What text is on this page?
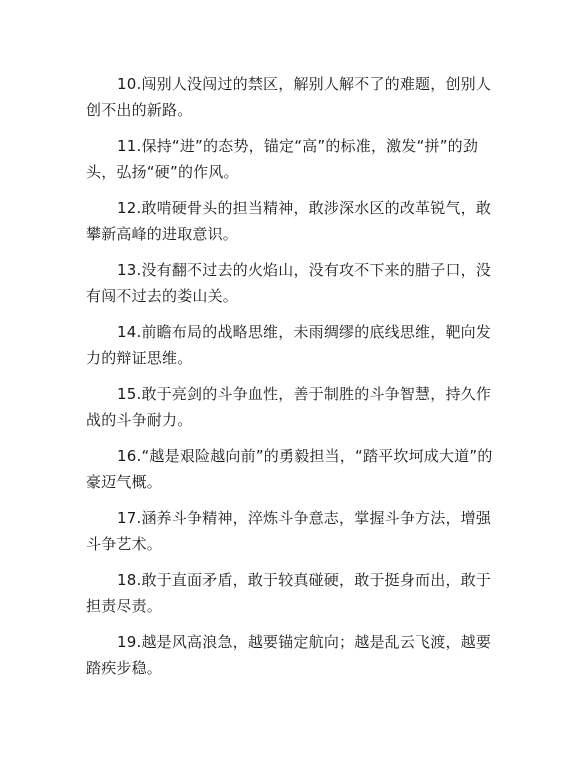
10.闯别人没闯过的禁区，解别人解不了的难题，创别人创不出的新路。

11.保持“进”的态势，锚定“高”的标准，激发“拼”的劲头，弘扬“硬”的作风。

12.敢啃硬骨头的担当精神，敢涉深水区的改革锐气，敢攀新高峰的进取意识。

13.没有翻不过去的火焰山，没有攻不下来的腊子口，没有闯不过去的娄山关。

14.前瞻布局的战略思维，未雨绸缪的底线思维，靶向发力的辩证思维。

15.敢于亮剑的斗争血性，善于制胜的斗争智慧，持久作战的斗争耐力。

16.“越是艰险越向前”的勇毅担当，“踏平坎坷成大道”的豪迈气概。

17.涵养斗争精神，淬炼斗争意志，掌握斗争方法，增强斗争艺术。

18.敢于直面矛盾，敢于较真碰硬，敢于挺身而出，敢于担责尽责。

19.越是风高浪急，越要锚定航向；越是乱云飞渡，越要踏疾步稳。
